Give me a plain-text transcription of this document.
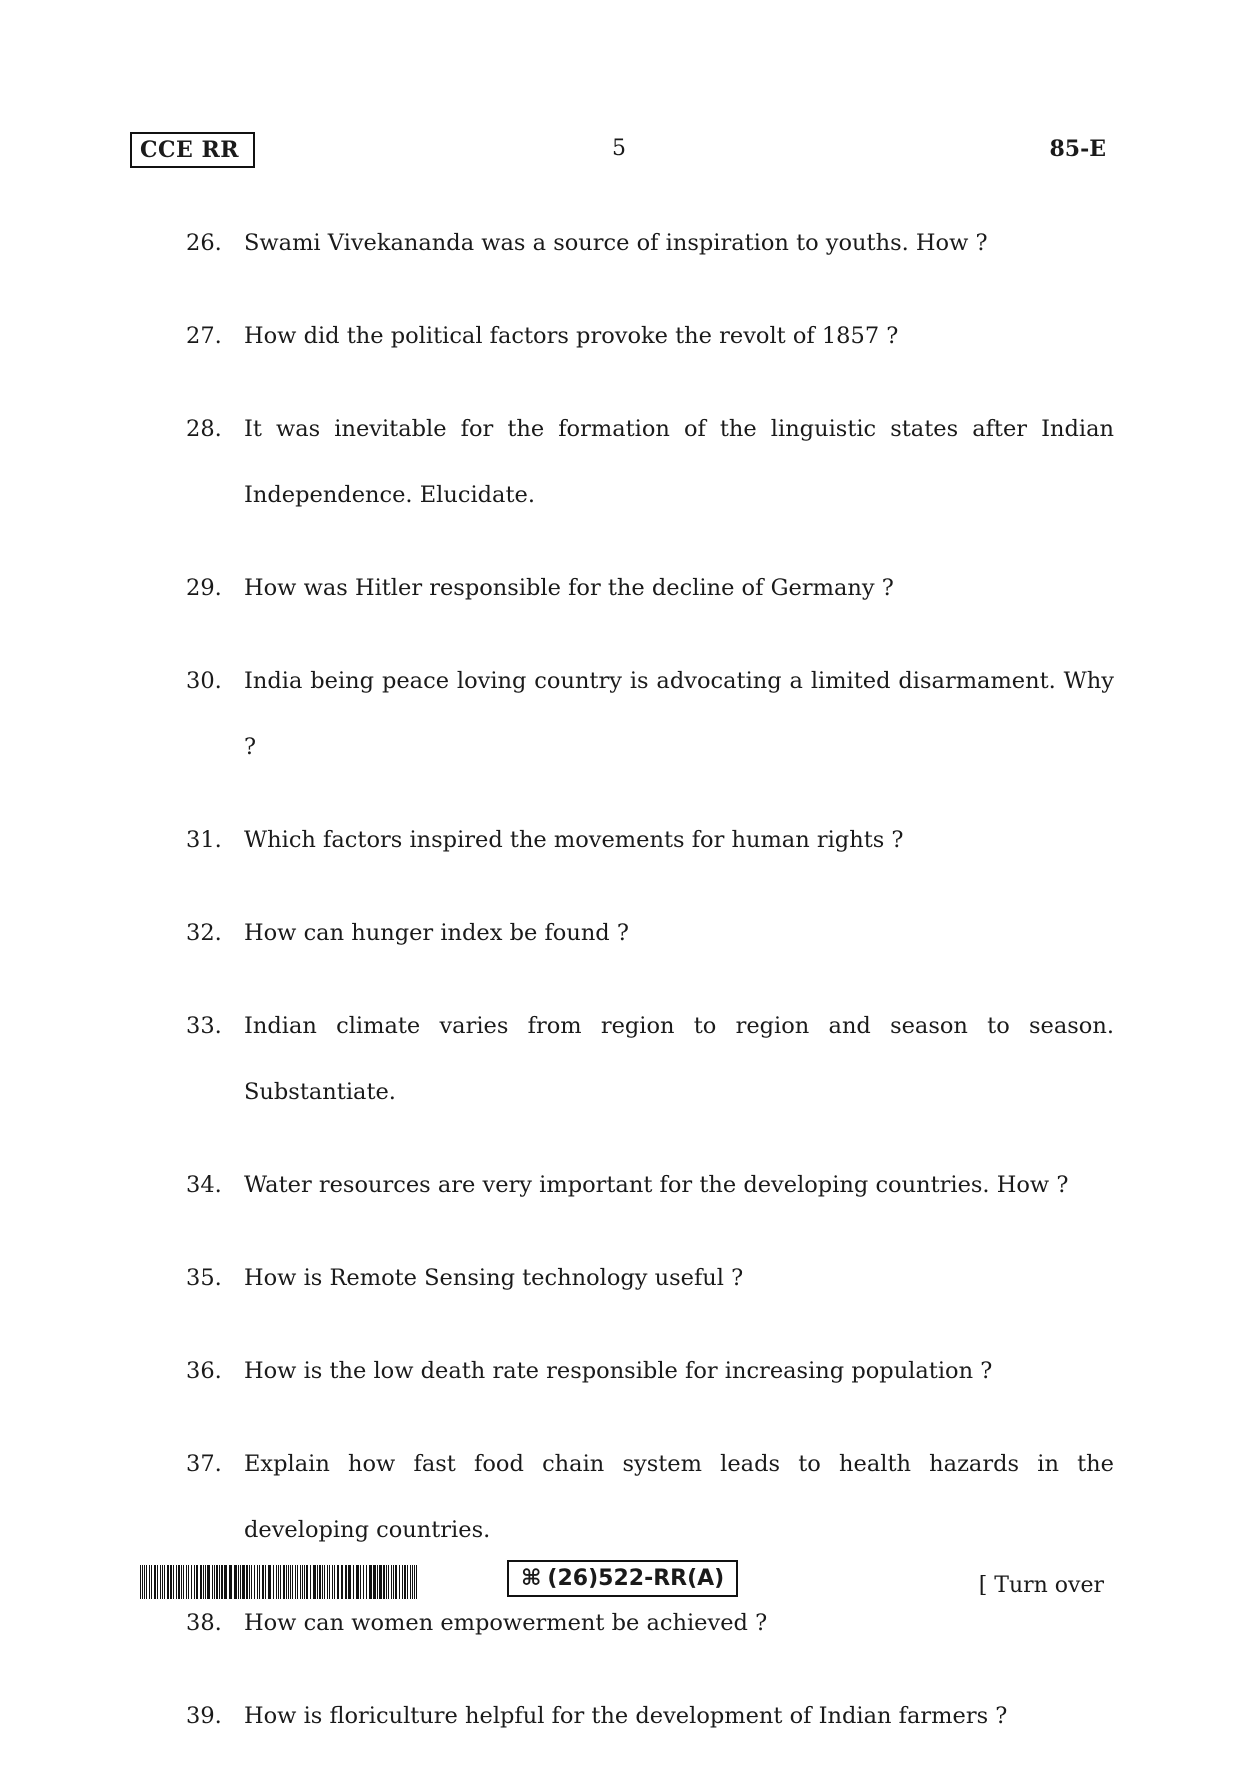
CCE RR	5	85-E
26. Swami Vivekananda was a source of inspiration to youths. How ?
27. How did the political factors provoke the revolt of 1857 ?
28. It was inevitable for the formation of the linguistic states after Indian Independence. Elucidate.
29. How was Hitler responsible for the decline of Germany ?
30. India being peace loving country is advocating a limited disarmament. Why ?
31. Which factors inspired the movements for human rights ?
32. How can hunger index be found ?
33. Indian climate varies from region to region and season to season. Substantiate.
34. Water resources are very important for the developing countries. How ?
35. How is Remote Sensing technology useful ?
36. How is the low death rate responsible for increasing population ?
37. Explain how fast food chain system leads to health hazards in the developing countries.
38. How can women empowerment be achieved ?
39. How is floriculture helpful for the development of Indian farmers ?
⌘ (26)522-RR(A)	[ Turn over
